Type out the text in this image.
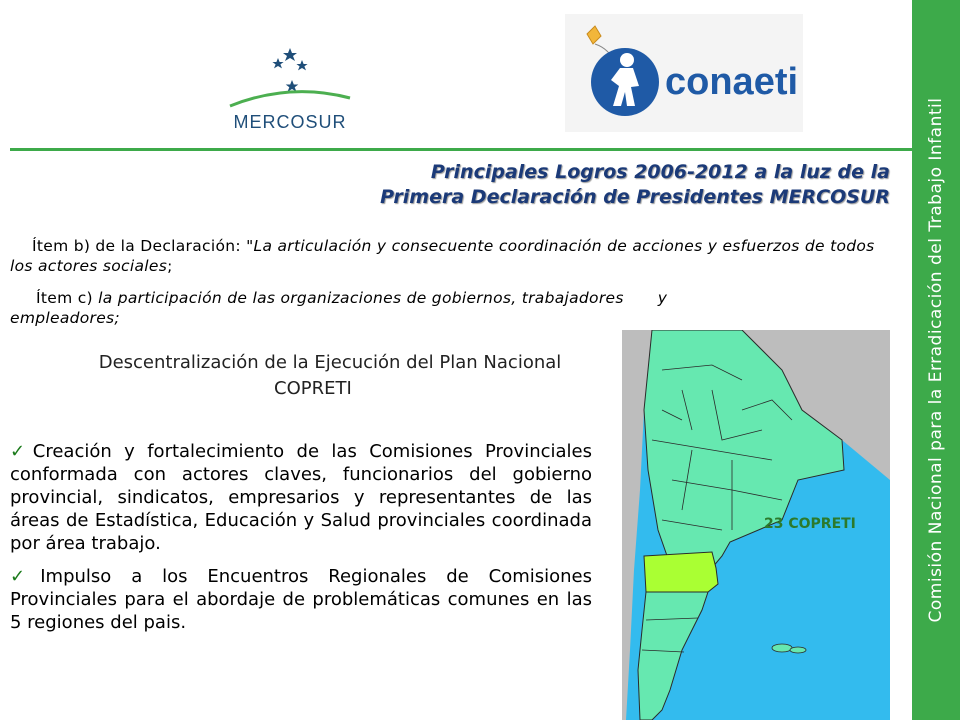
Comisión Nacional para la Erradicación del Trabajo Infantil
MERCOSUR
conaeti
Principales Logros 2006-2012 a la luz de la
Primera Declaración de Presidentes MERCOSUR
Ítem b) de la Declaración: "La articulación y consecuente coordinación de acciones y esfuerzos de todos los actores sociales;
Ítem c) la participación de las organizaciones de gobiernos, trabajadores y
empleadores;
Descentralización de la Ejecución del Plan Nacional
COPRETI
23 COPRETI
✓Creación y fortalecimiento de las Comisiones Provinciales conformada con actores claves, funcionarios del gobierno provincial, sindicatos, empresarios y representantes de las áreas de Estadística, Educación y Salud provinciales coordinada por área trabajo.
✓Impulso a los Encuentros Regionales de Comisiones Provinciales para el abordaje de problemáticas comunes en las 5 regiones del pais.
